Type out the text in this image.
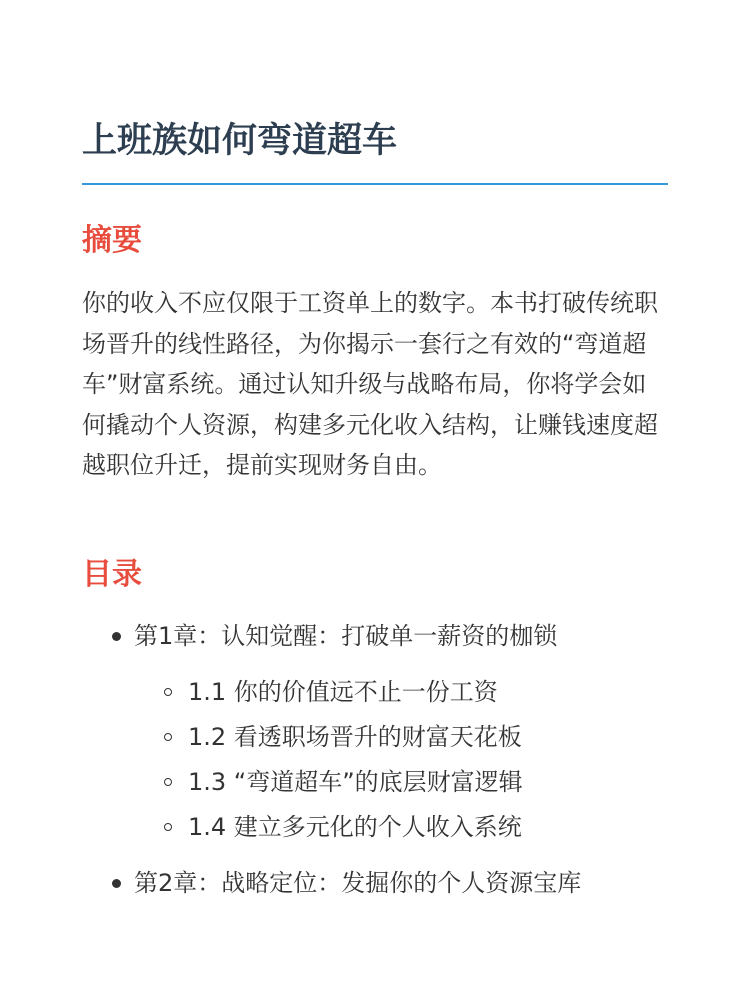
上班族如何弯道超车
摘要

你的收入不应仅限于工资单上的数字。本书打破传统职场晋升的线性路径，为你揭示一套行之有效的“弯道超车”财富系统。通过认知升级与战略布局，你将学会如何撬动个人资源，构建多元化收入结构，让赚钱速度超越职位升迁，提前实现财务自由。

目录
第1章：认知觉醒：打破单一薪资的枷锁
1.1 你的价值远不止一份工资
1.2 看透职场晋升的财富天花板
1.3 “弯道超车”的底层财富逻辑
1.4 建立多元化的个人收入系统
第2章：战略定位：发掘你的个人资源宝库
